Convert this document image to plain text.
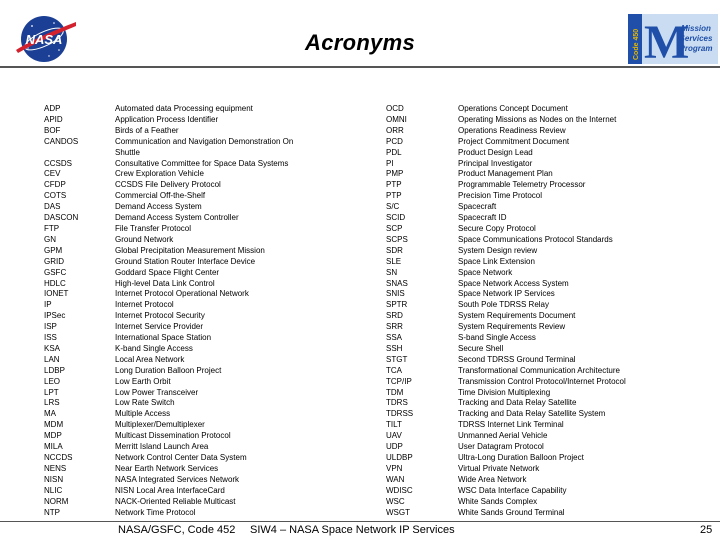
NASA	Acronyms	Code 450 M
Mission
Services
Program
ADP	Automated data Processing equipment
APID	Application Process Identifier
BOF	Birds of a Feather
CANDOS	Communication and Navigation Demonstration On
Shuttle
CCSDS	Consultative Committee for Space Data Systems
CEV	Crew Exploration Vehicle
CFDP	CCSDS File Delivery Protocol
COTS	Commercial Off-the-Shelf
DAS	Demand Access System
DASCON	Demand Access System Controller
FTP	File Transfer Protocol
GN	Ground Network
GPM	Global Precipitation Measurement Mission
GRID	Ground Station Router Interface Device
GSFC	Goddard Space Flight Center
HDLC	High-level Data Link Control
IONET	Internet Protocol Operational Network
IP	Internet Protocol
IPSec	Internet Protocol Security
ISP	Internet Service Provider
ISS	International Space Station
KSA	K-band Single Access
LAN	Local Area Network
LDBP	Long Duration Balloon Project
LEO	Low Earth Orbit
LPT	Low Power Transceiver
LRS	Low Rate Switch
MA	Multiple Access
MDM	Multiplexer/Demultiplexer
MDP	Multicast Dissemination Protocol
MILA	Merritt Island Launch Area
NCCDS	Network Control Center Data System
NENS	Near Earth Network Services
NISN	NASA Integrated Services Network
NLIC	NISN Local Area InterfaceCard
NORM	NACK-Oriented Reliable Multicast
NTP	Network Time Protocol
OCD	Operations Concept Document
OMNI	Operating Missions as Nodes on the Internet
ORR	Operations Readiness Review
PCD	Project Commitment Document
PDL	Product Design Lead
PI	Principal Investigator
PMP	Product Management Plan
PTP	Programmable Telemetry Processor
PTP	Precision Time Protocol
S/C	Spacecraft
SCID	Spacecraft ID
SCP	Secure Copy Protocol
SCPS	Space Communications Protocol Standards
SDR	System Design review
SLE	Space Link Extension
SN	Space Network
SNAS	Space Network Access System
SNIS	Space Network IP Services
SPTR	South Pole TDRSS Relay
SRD	System Requirements Document
SRR	System Requirements Review
SSA	S-band Single Access
SSH	Secure Shell
STGT	Second TDRSS Ground Terminal
TCA	Transformational Communication Architecture
TCP/IP	Transmission Control Protocol/Internet Protocol
TDM	Time Division Multiplexing
TDRS	Tracking and Data Relay Satellite
TDRSS	Tracking and Data Relay Satellite System
TILT	TDRSS Internet Link Terminal
UAV	Unmanned Aerial Vehicle
UDP	User Datagram Protocol
ULDBP	Ultra-Long Duration Balloon Project
VPN	Virtual Private Network
WAN	Wide Area Network
WDISC	WSC Data Interface Capability
WSC	White Sands Complex
WSGT	White Sands Ground Terminal
NASA/GSFC, Code 452 SIW4 – NASA Space Network IP Services	25
